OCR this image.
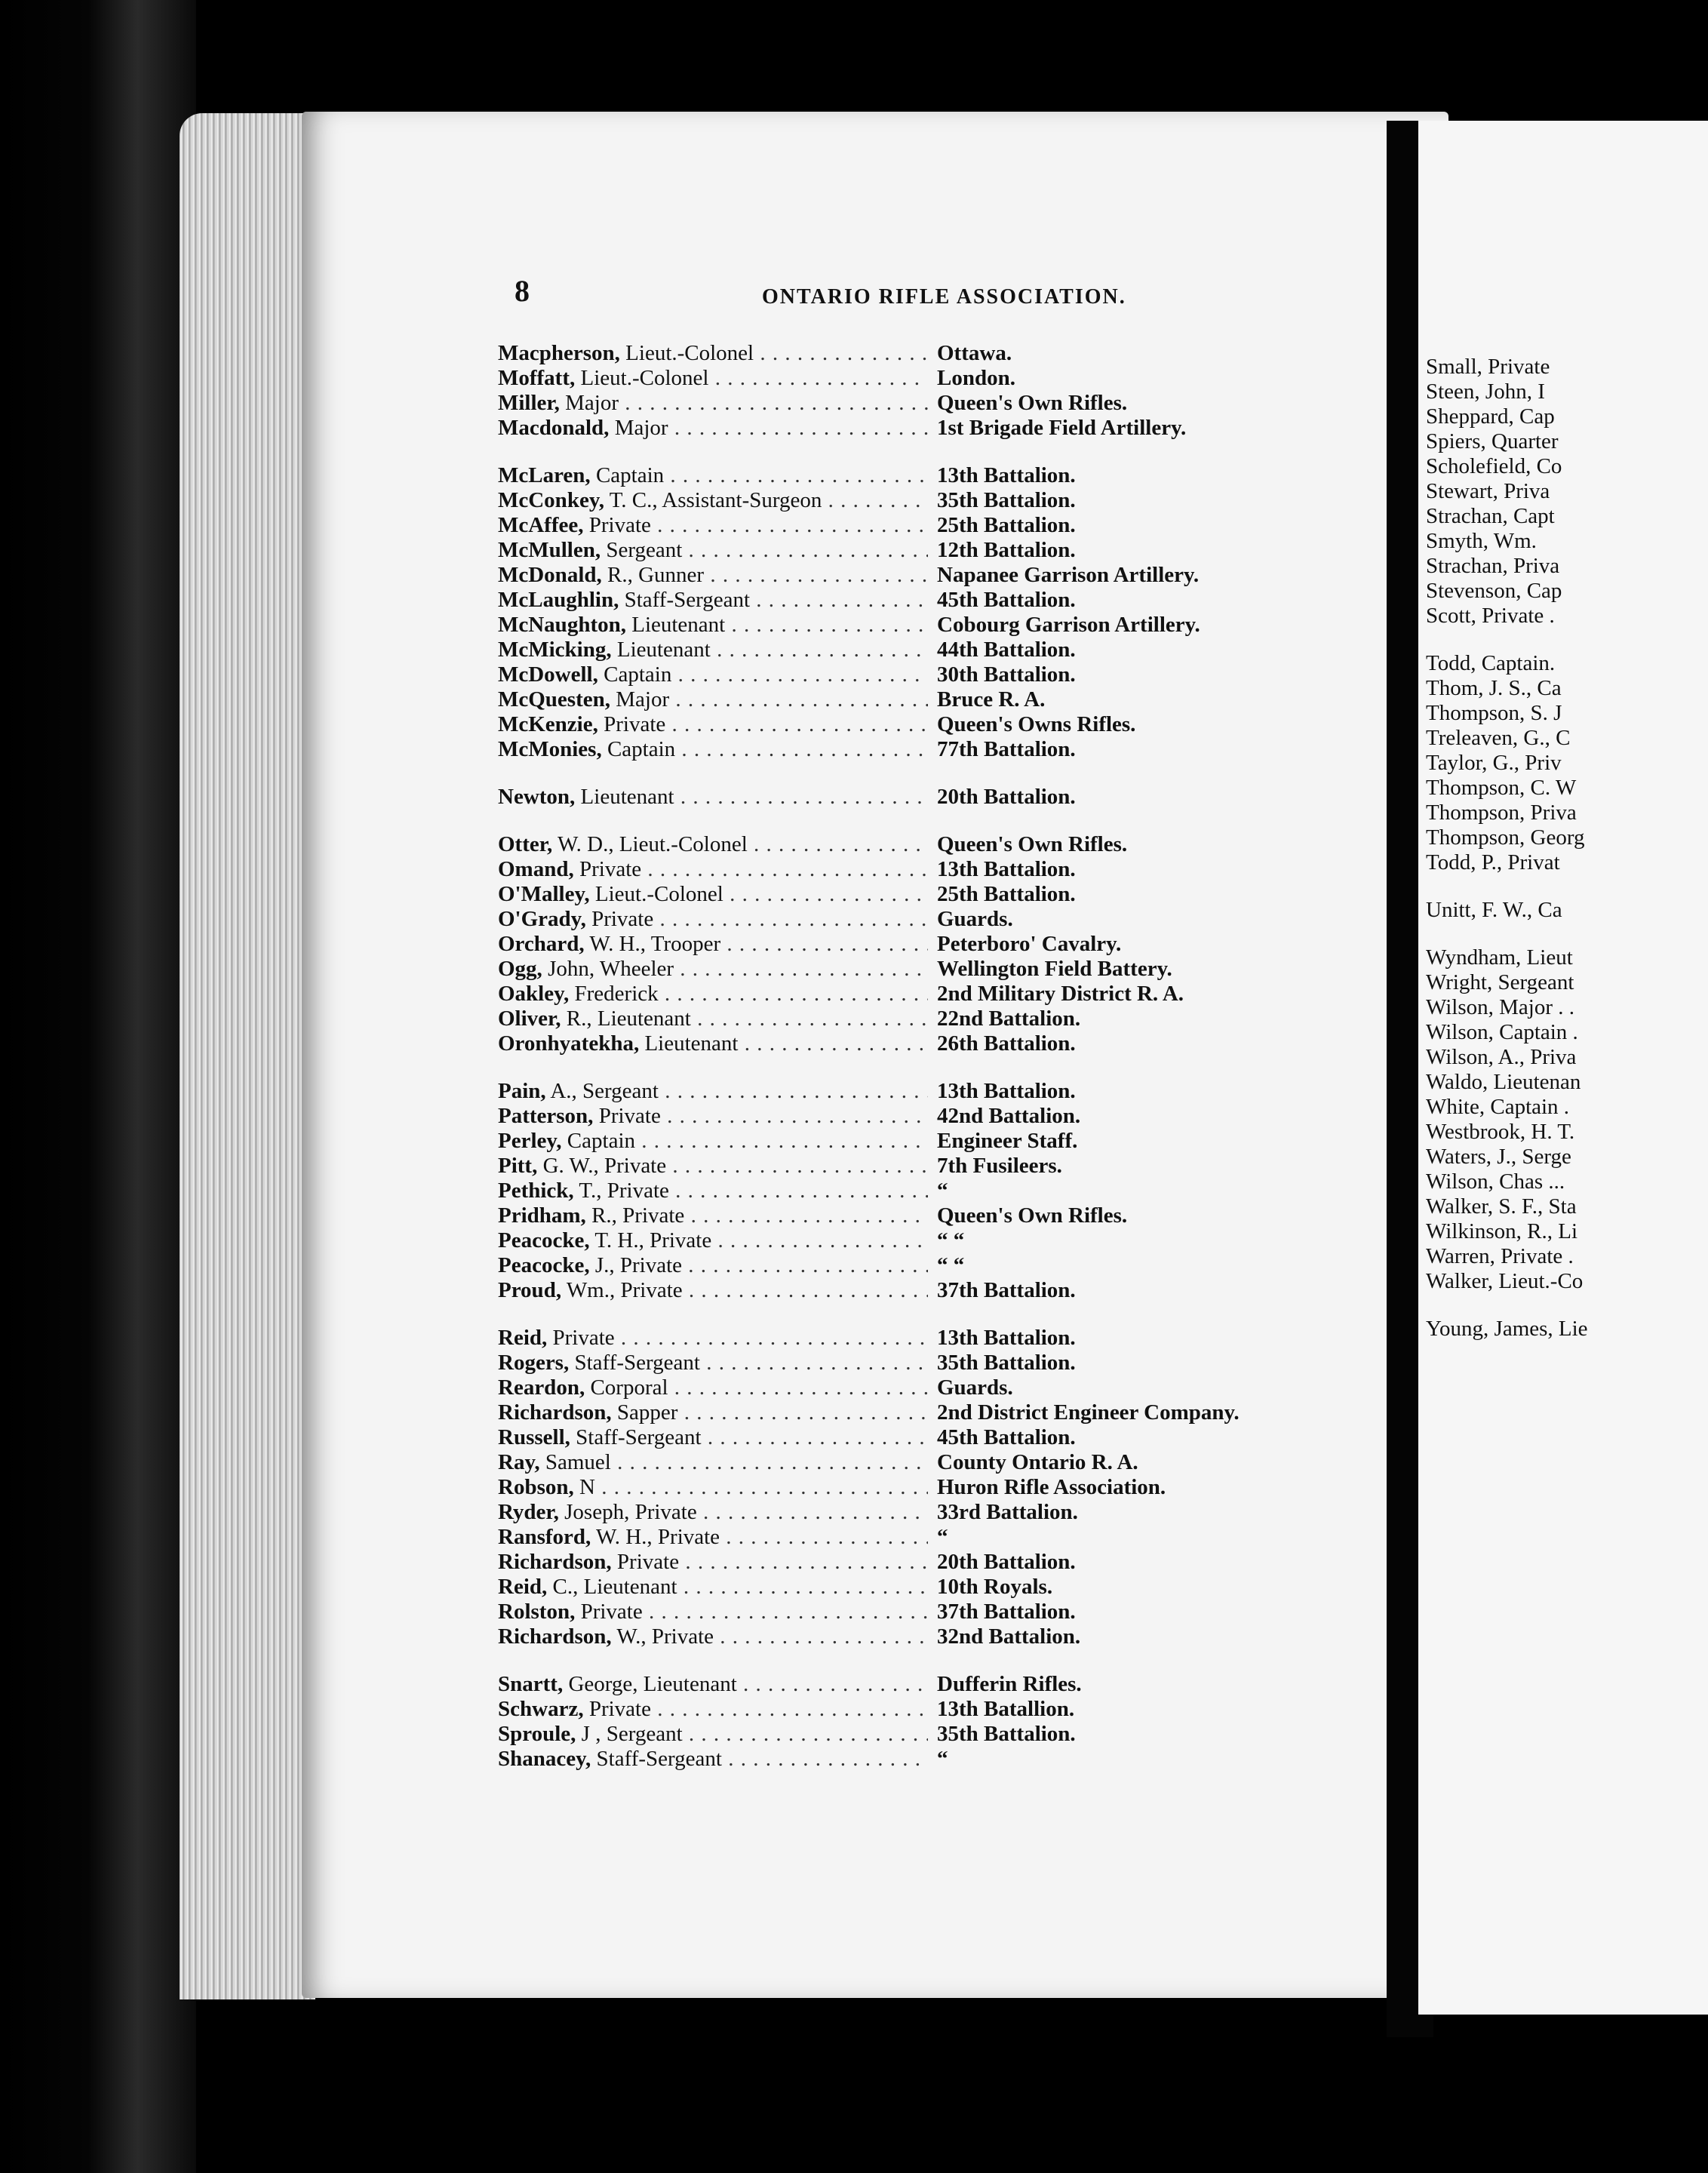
8	ONTARIO RIFLE ASSOCIATION.
Macpherson, Lieut.-Colonel . . .	Ottawa.
Moffatt, Lieut.-Colonel . . .	London.
Miller, Major . . .	Queen's Own Rifles.
Macdonald, Major . . .	1st Brigade Field Artillery.
McLaren, Captain . . .	13th Battalion.
McConkey, T. C., Assistant-Surgeon . . .	35th Battalion.
McAffee, Private . . .	25th Battalion.
McMullen, Sergeant . . .	12th Battalion.
McDonald, R., Gunner . . .	Napanee Garrison Artillery.
McLaughlin, Staff-Sergeant . . .	45th Battalion.
McNaughton, Lieutenant . . .	Cobourg Garrison Artillery.
McMicking, Lieutenant . . .	44th Battalion.
McDowell, Captain . . .	30th Battalion.
McQuesten, Major . . .	Bruce R. A.
McKenzie, Private . . .	Queen's Owns Rifles.
McMonies, Captain . . .	77th Battalion.
Newton, Lieutenant . . .	20th Battalion.
Otter, W. D., Lieut.-Colonel . . .	Queen's Own Rifles.
Omand, Private . . .	13th Battalion.
O'Malley, Lieut.-Colonel . . .	25th Battalion.
O'Grady, Private . . .	Guards.
Orchard, W. H., Trooper . . .	Peterboro' Cavalry.
Ogg, John, Wheeler . . .	Wellington Field Battery.
Oakley, Frederick . . .	2nd Military District R. A.
Oliver, R., Lieutenant . . .	22nd Battalion.
Oronhyatekha, Lieutenant . . .	26th Battalion.
Pain, A., Sergeant . . .	13th Battalion.
Patterson, Private . . .	42nd Battalion.
Perley, Captain . . .	Engineer Staff.
Pitt, G. W., Private . . .	7th Fusileers.
Pethick, T., Private . . .	“
Pridham, R., Private . . .	Queen's Own Rifles.
Peacocke, T. H., Private . . .	“ “
Peacocke, J., Private . . .	“ “
Proud, Wm., Private . . .	37th Battalion.
Reid, Private . . .	13th Battalion.
Rogers, Staff-Sergeant . . .	35th Battalion.
Reardon, Corporal . . .	Guards.
Richardson, Sapper . . .	2nd District Engineer Company.
Russell, Staff-Sergeant . . .	45th Battalion.
Ray, Samuel . . .	County Ontario R. A.
Robson, N . . .	Huron Rifle Association.
Ryder, Joseph, Private . . .	33rd Battalion.
Ransford, W. H., Private . . .	“
Richardson, Private . . .	20th Battalion.
Reid, C., Lieutenant . . .	10th Royals.
Rolston, Private . . .	37th Battalion.
Richardson, W., Private . . .	32nd Battalion.
Snartt, George, Lieutenant . . .	Dufferin Rifles.
Schwarz, Private . . .	13th Batallion.
Sproule, J , Sergeant . . .	35th Battalion.
Shanacey, Staff-Sergeant . . .	“
Small, Private
Steen, John, I
Sheppard, Cap
Spiers, Quarter
Scholefield, Co
Stewart, Priva
Strachan, Capt
Smyth, Wm.
Strachan, Priva
Stevenson, Cap
Scott, Private .
Todd, Captain.
Thom, J. S., Ca
Thompson, S. J
Treleaven, G., C
Taylor, G., Priv
Thompson, C. W
Thompson, Priva
Thompson, Georg
Todd, P., Privat
Unitt, F. W., Ca
Wyndham, Lieut
Wright, Sergeant
Wilson, Major . .
Wilson, Captain .
Wilson, A., Priva
Waldo, Lieutenan
White, Captain .
Westbrook, H. T.
Waters, J., Serge
Wilson, Chas ...
Walker, S. F., Sta
Wilkinson, R., Li
Warren, Private .
Walker, Lieut.-Co
Young, James, Lie
